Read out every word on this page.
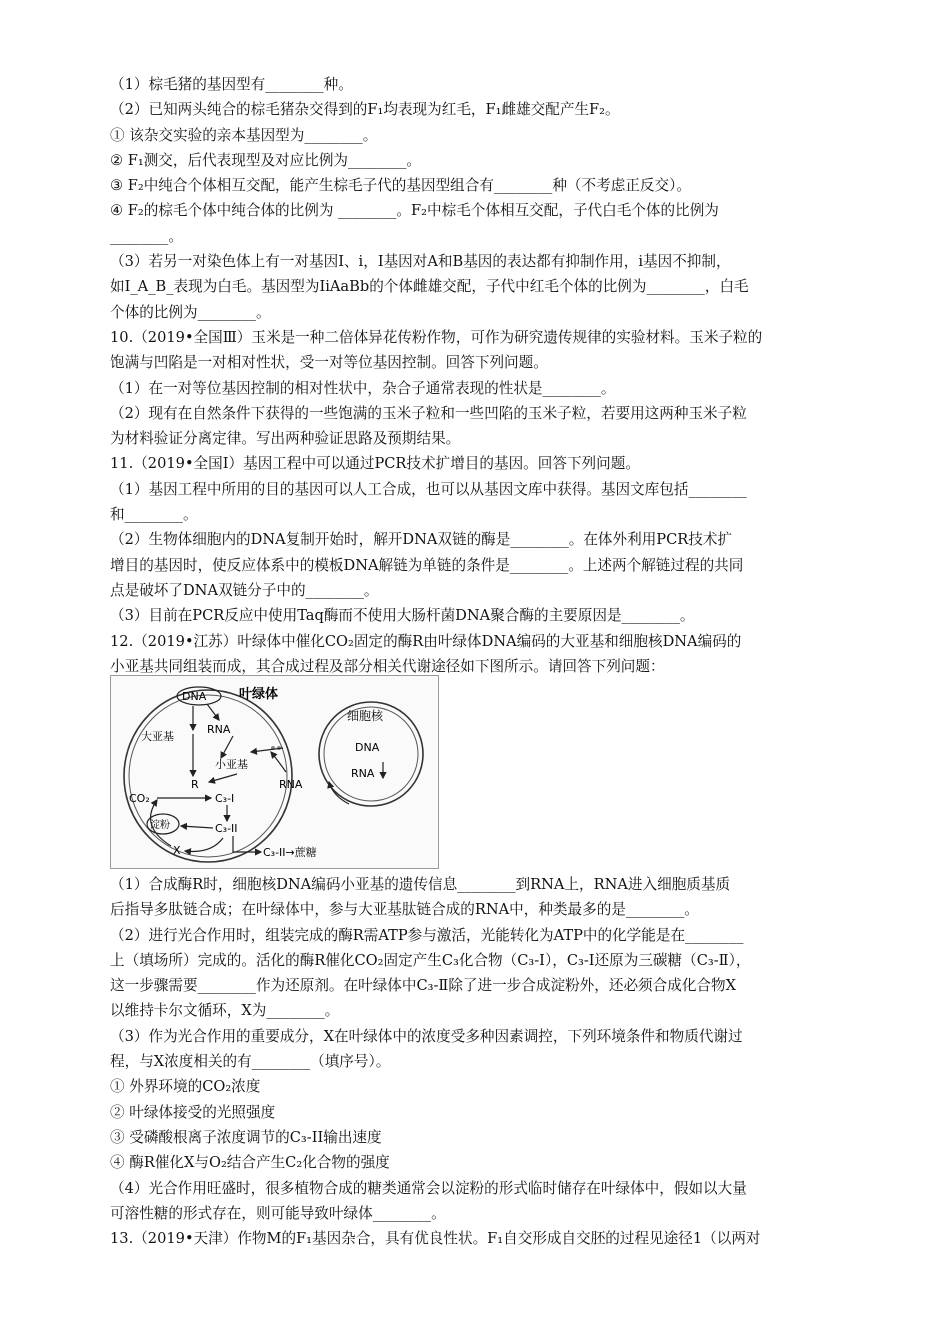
（1）棕毛猪的基因型有________种。
（2）已知两头纯合的棕毛猪杂交得到的F₁均表现为红毛，F₁雌雄交配产生F₂。
① 该杂交实验的亲本基因型为________。
② F₁测交，后代表现型及对应比例为________。
③ F₂中纯合个体相互交配，能产生棕毛子代的基因型组合有________种（不考虑正反交）。
④ F₂的棕毛个体中纯合体的比例为 ________。F₂中棕毛个体相互交配，子代白毛个体的比例为
________。
（3）若另一对染色体上有一对基因I、i，I基因对A和B基因的表达都有抑制作用，i基因不抑制，
如I_A_B_表现为白毛。基因型为IiAaBb的个体雌雄交配，子代中红毛个体的比例为________，白毛
个体的比例为________。
10.（2019•全国Ⅲ）玉米是一种二倍体异花传粉作物，可作为研究遗传规律的实验材料。玉米子粒的
饱满与凹陷是一对相对性状，受一对等位基因控制。回答下列问题。
（1）在一对等位基因控制的相对性状中，杂合子通常表现的性状是________。
（2）现有在自然条件下获得的一些饱满的玉米子粒和一些凹陷的玉米子粒，若要用这两种玉米子粒
为材料验证分离定律。写出两种验证思路及预期结果。
11.（2019•全国Ⅰ）基因工程中可以通过PCR技术扩增目的基因。回答下列问题。
（1）基因工程中所用的目的基因可以人工合成，也可以从基因文库中获得。基因文库包括________
和________。
（2）生物体细胞内的DNA复制开始时，解开DNA双链的酶是________。在体外利用PCR技术扩
增目的基因时，使反应体系中的模板DNA解链为单链的条件是________。上述两个解链过程的共同
点是破坏了DNA双链分子中的________。
（3）目前在PCR反应中使用Taq酶而不使用大肠杆菌DNA聚合酶的主要原因是________。
12.（2019•江苏）叶绿体中催化CO₂固定的酶R由叶绿体DNA编码的大亚基和细胞核DNA编码的
小亚基共同组装而成，其合成过程及部分相关代谢途径如下图所示。请回答下列问题：
叶绿体
细胞核
DNA
RNA
大亚基
小亚基
R
CO₂	C₃-I
C₃-II
淀粉
X	C₃-II→蔗糖
DNA
RNA
RNA
（1）合成酶R时，细胞核DNA编码小亚基的遗传信息________到RNA上，RNA进入细胞质基质
后指导多肽链合成；在叶绿体中，参与大亚基肽链合成的RNA中，种类最多的是________。
（2）进行光合作用时，组装完成的酶R需ATP参与激活，光能转化为ATP中的化学能是在________
上（填场所）完成的。活化的酶R催化CO₂固定产生C₃化合物（C₃-I），C₃-I还原为三碳糖（C₃-Ⅱ），
这一步骤需要________作为还原剂。在叶绿体中C₃-Ⅱ除了进一步合成淀粉外，还必须合成化合物X
以维持卡尔文循环，X为________。
（3）作为光合作用的重要成分，X在叶绿体中的浓度受多种因素调控，下列环境条件和物质代谢过
程，与X浓度相关的有________（填序号）。
① 外界环境的CO₂浓度
② 叶绿体接受的光照强度
③ 受磷酸根离子浓度调节的C₃-II输出速度
④ 酶R催化X与O₂结合产生C₂化合物的强度
（4）光合作用旺盛时，很多植物合成的糖类通常会以淀粉的形式临时储存在叶绿体中，假如以大量
可溶性糖的形式存在，则可能导致叶绿体________。
13.（2019•天津）作物M的F₁基因杂合，具有优良性状。F₁自交形成自交胚的过程见途径1（以两对
